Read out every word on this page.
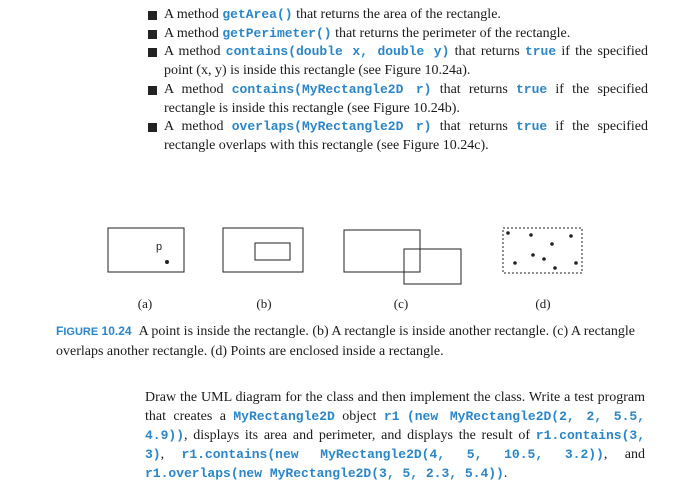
A method getArea() that returns the area of the rectangle.
A method getPerimeter() that returns the perimeter of the rectangle.
A method contains(double x, double y) that returns true if the specified point (x, y) is inside this rectangle (see Figure 10.24a).
A method contains(MyRectangle2D r) that returns true if the specified rectangle is inside this rectangle (see Figure 10.24b).
A method overlaps(MyRectangle2D r) that returns true if the specified rectangle overlaps with this rectangle (see Figure 10.24c).
p
(a)	(b)	(c)	(d)
FIGURE 10.24 A point is inside the rectangle. (b) A rectangle is inside another rectangle. (c) A rectangle overlaps another rectangle. (d) Points are enclosed inside a rectangle.
Draw the UML diagram for the class and then implement the class. Write a test program that creates a MyRectangle2D object r1 (new MyRectangle2D(2, 2, 5.5, 4.9)), displays its area and perimeter, and displays the result of r1.contains(3, 3), r1.contains(new MyRectangle2D(4, 5, 10.5, 3.2)), and r1.overlaps(new MyRectangle2D(3, 5, 2.3, 5.4)).
